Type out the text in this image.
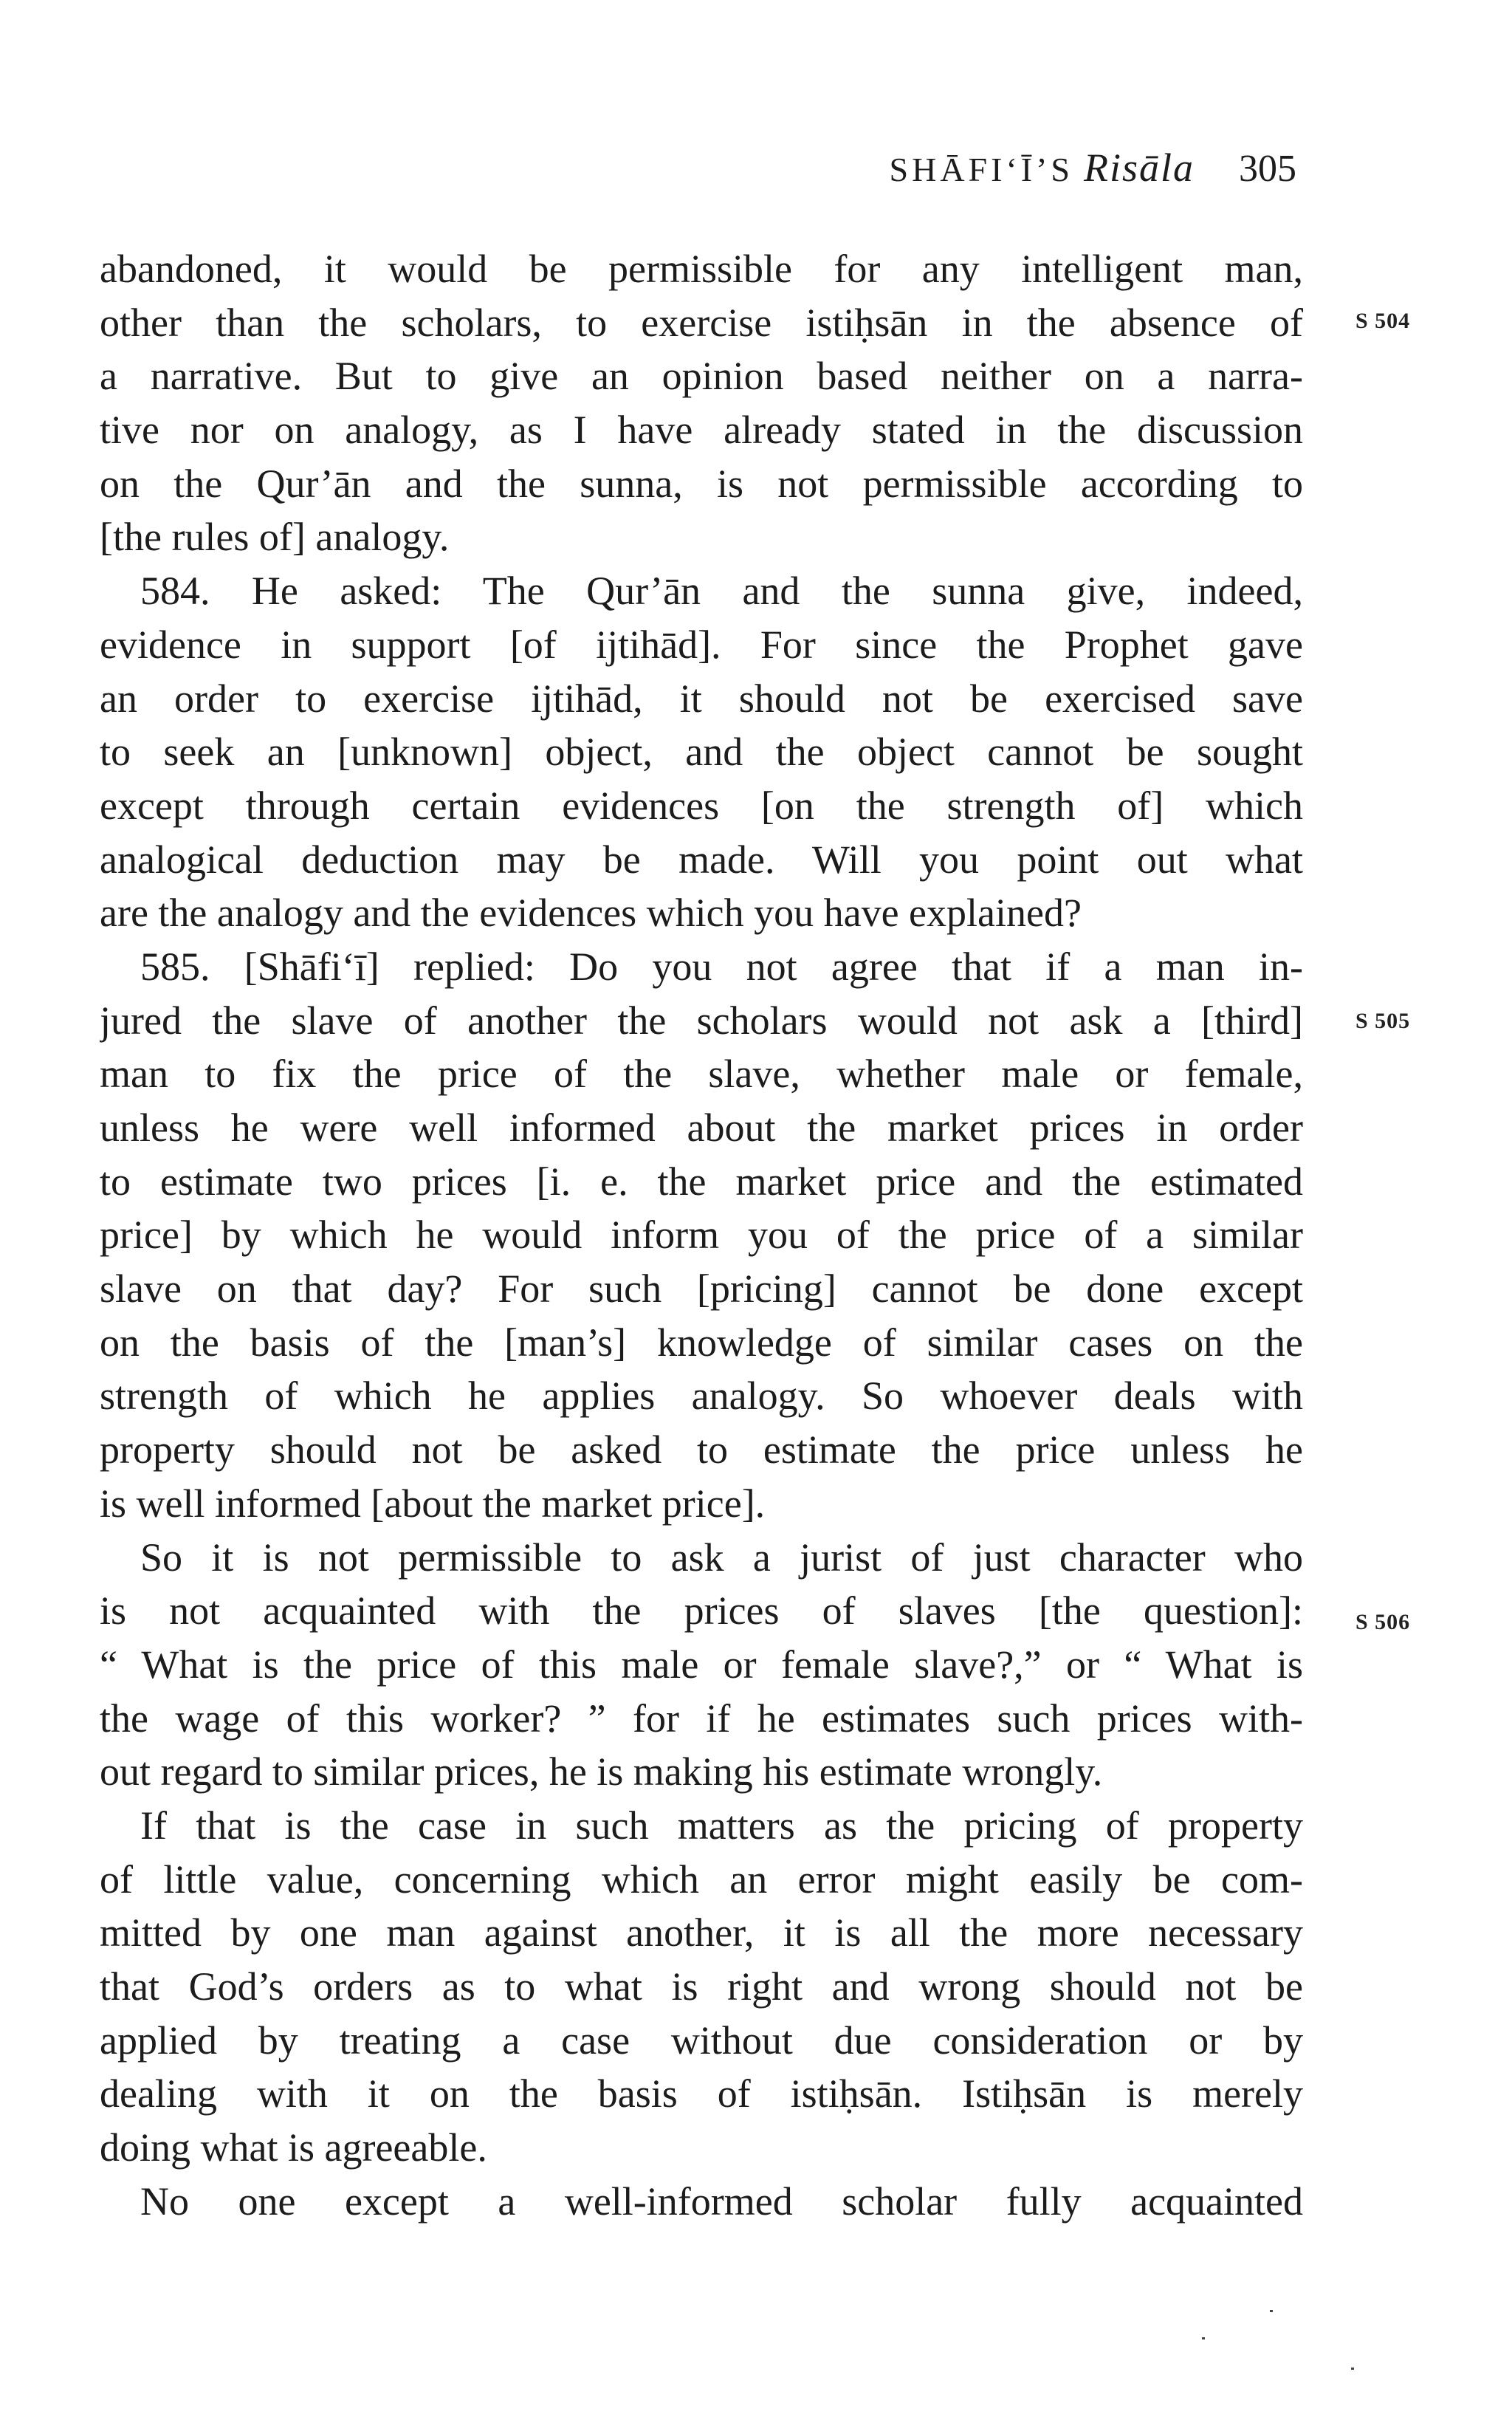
SHĀFI‘Ī’S Risāla 305
abandoned, it would be permissible for any intelligent man,
other than the scholars, to exercise istiḥsān in the absence of
a narrative. But to give an opinion based neither on a narra-
tive nor on analogy, as I have already stated in the discussion
on the Qur’ān and the sunna, is not permissible according to
[the rules of] analogy.
584. He asked: The Qur’ān and the sunna give, indeed,
evidence in support [of ijtihād]. For since the Prophet gave
an order to exercise ijtihād, it should not be exercised save
to seek an [unknown] object, and the object cannot be sought
except through certain evidences [on the strength of] which
analogical deduction may be made. Will you point out what
are the analogy and the evidences which you have explained?
585. [Shāfi‘ī] replied: Do you not agree that if a man in-
jured the slave of another the scholars would not ask a [third]
man to fix the price of the slave, whether male or female,
unless he were well informed about the market prices in order
to estimate two prices [i. e. the market price and the estimated
price] by which he would inform you of the price of a similar
slave on that day? For such [pricing] cannot be done except
on the basis of the [man’s] knowledge of similar cases on the
strength of which he applies analogy. So whoever deals with
property should not be asked to estimate the price unless he
is well informed [about the market price].
So it is not permissible to ask a jurist of just character who
is not acquainted with the prices of slaves [the question]:
“ What is the price of this male or female slave?,” or “ What is
the wage of this worker? ” for if he estimates such prices with-
out regard to similar prices, he is making his estimate wrongly.
If that is the case in such matters as the pricing of property
of little value, concerning which an error might easily be com-
mitted by one man against another, it is all the more necessary
that God’s orders as to what is right and wrong should not be
applied by treating a case without due consideration or by
dealing with it on the basis of istiḥsān. Istiḥsān is merely
doing what is agreeable.
No one except a well-informed scholar fully acquainted
S 504
S 505
S 506
